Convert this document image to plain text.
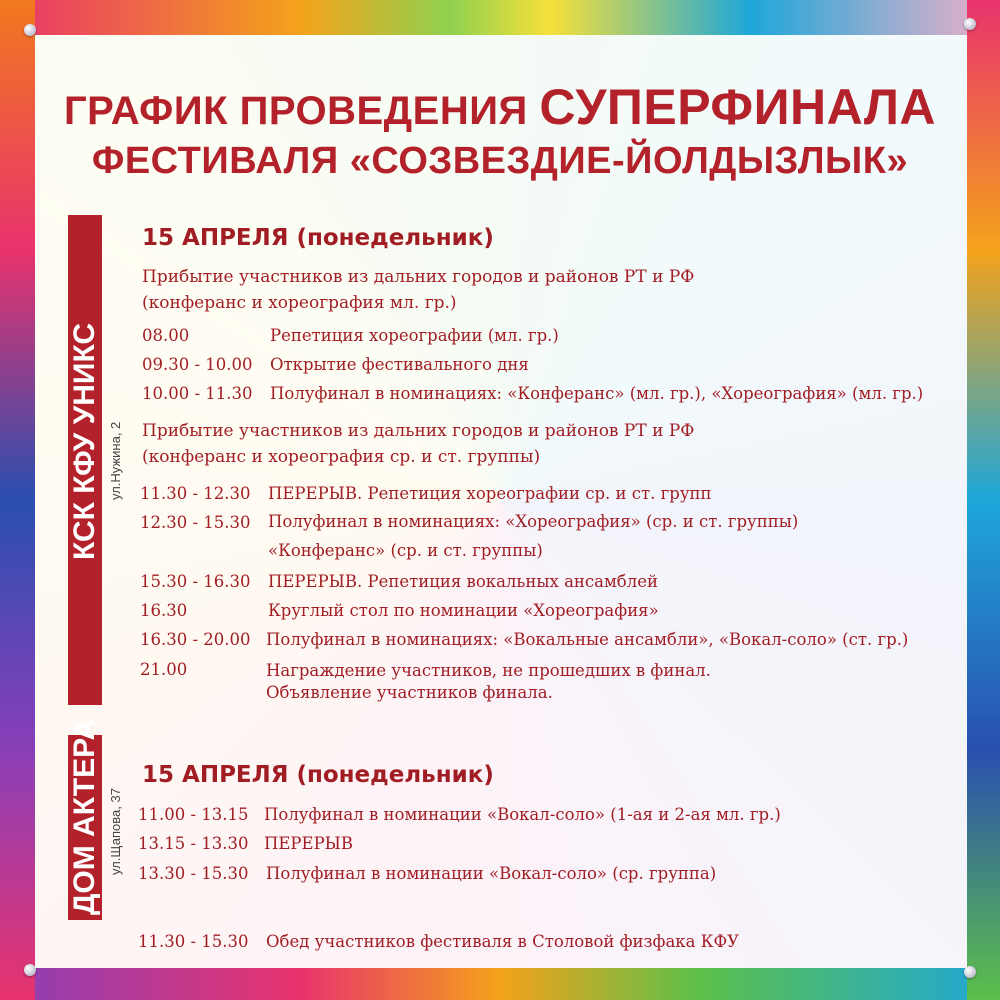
ГРАФИК ПРОВЕДЕНИЯ СУПЕРФИНАЛА
ФЕСТИВАЛЯ «СОЗВЕЗДИЕ-ЙОЛДЫЗЛЫК»
КСК КФУ УНИКС ул.Нужина, 2
ДОМ АКТЕРА ул.Щапова, 37
15 АПРЕЛЯ (понедельник)
Прибытие участников из дальних городов и районов РТ и РФ
(конферанс и хореография мл. гр.)
08.00	Репетиция хореографии (мл. гр.)
09.30 - 10.00 Открытие фестивального дня
10.00 - 11.30 Полуфинал в номинациях: «Конферанс» (мл. гр.), «Хореография» (мл. гр.)
Прибытие участников из дальних городов и районов РТ и РФ
(конферанс и хореография ср. и ст. группы)
11.30 - 12.30 ПЕРЕРЫВ. Репетиция хореографии ср. и ст. групп
12.30 - 15.30 Полуфинал в номинациях: «Хореография» (ср. и ст. группы)
«Конферанс» (ср. и ст. группы)
15.30 - 16.30 ПЕРЕРЫВ. Репетиция вокальных ансамблей
16.30	Круглый стол по номинации «Хореография»
16.30 - 20.00 Полуфинал в номинациях: «Вокальные ансамбли», «Вокал-соло» (ст. гр.)
21.00	Награждение участников, не прошедших в финал.
Объявление участников финала.
15 АПРЕЛЯ (понедельник)
11.00 - 13.15 Полуфинал в номинации «Вокал-соло» (1-ая и 2-ая мл. гр.)
13.15 - 13.30 ПЕРЕРЫВ
13.30 - 15.30 Полуфинал в номинации «Вокал-соло» (ср. группа)
11.30 - 15.30 Обед участников фестиваля в Столовой физфака КФУ
